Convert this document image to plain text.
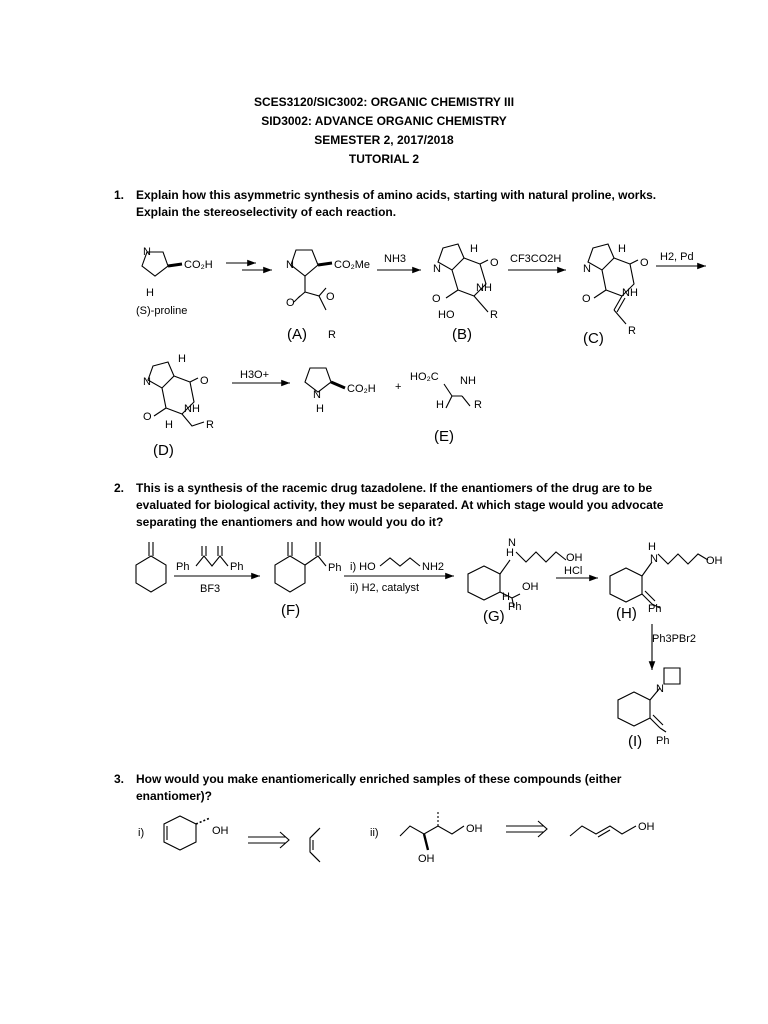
SCES3120/SIC3002: ORGANIC CHEMISTRY III
SID3002: ADVANCE ORGANIC CHEMISTRY
SEMESTER 2, 2017/2018
TUTORIAL 2
1. Explain how this asymmetric synthesis of amino acids, starting with natural proline, works.
Explain the stereoselectivity of each reaction.
2. This is a synthesis of the racemic drug tazadolene. If the enantiomers of the drug are to be
evaluated for biological activity, they must be separated. At which stage would you advocate
separating the enantiomers and how would you do it?
3. How would you make enantiomerically enriched samples of these compounds (either
enantiomer)?
N
H
CO₂H
(S)-proline
N	CO₂Me
O	O
R
(A)
NH3
N
H
O
NH
O
HO	R
(B)
CF3CO2H
N
H
O
NH
O
R
(C)
H2, Pd
N
H
O
NH
O
H	R
(D)
H3O+
N
H
CO₂H +
HO₂C NH
H	R
(E)
Ph	Ph
BF3
Ph
(F)
i) HO	NH2
ii) H2, catalyst
H
N
OH
OH
H
Ph
(G)
HCl
H
N	OH
Ph
(H)
Ph3PBr2
N
Ph
(I)
i)	OH	ii)	OH
OH
OH
